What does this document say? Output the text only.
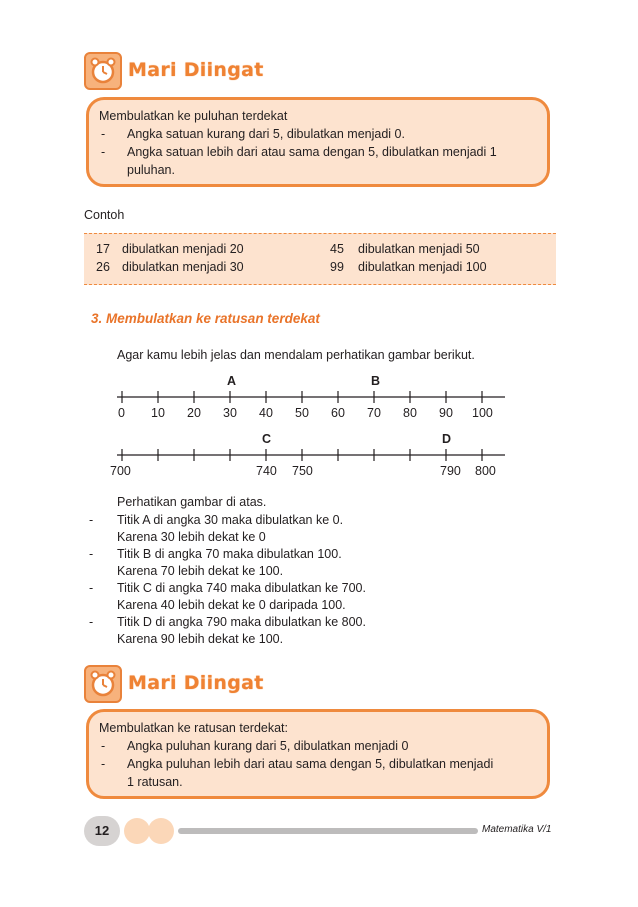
Mari Diingat
Membulatkan ke puluhan terdekat
- Angka satuan kurang dari 5, dibulatkan menjadi 0.
- Angka satuan lebih dari atau sama dengan 5, dibulatkan menjadi 1
puluhan.
Contoh
17 dibulatkan menjadi 20	45 dibulatkan menjadi 50
26 dibulatkan menjadi 30	99 dibulatkan menjadi 100
3. Membulatkan ke ratusan terdekat
Agar kamu lebih jelas dan mendalam perhatikan gambar berikut.
A	B
0 10 20 30 40 50 60 70 80 90 100
C	D
700	740 750	790 800
Perhatikan gambar di atas.
- Titik A di angka 30 maka dibulatkan ke 0.
Karena 30 lebih dekat ke 0
- Titik B di angka 70 maka dibulatkan 100.
Karena 70 lebih dekat ke 100.
- Titik C di angka 740 maka dibulatkan ke 700.
Karena 40 lebih dekat ke 0 daripada 100.
- Titik D di angka 790 maka dibulatkan ke 800.
Karena 90 lebih dekat ke 100.
Mari Diingat
Membulatkan ke ratusan terdekat:
- Angka puluhan kurang dari 5, dibulatkan menjadi 0
- Angka puluhan lebih dari atau sama dengan 5, dibulatkan menjadi
1 ratusan.
12	Matematika V/1
